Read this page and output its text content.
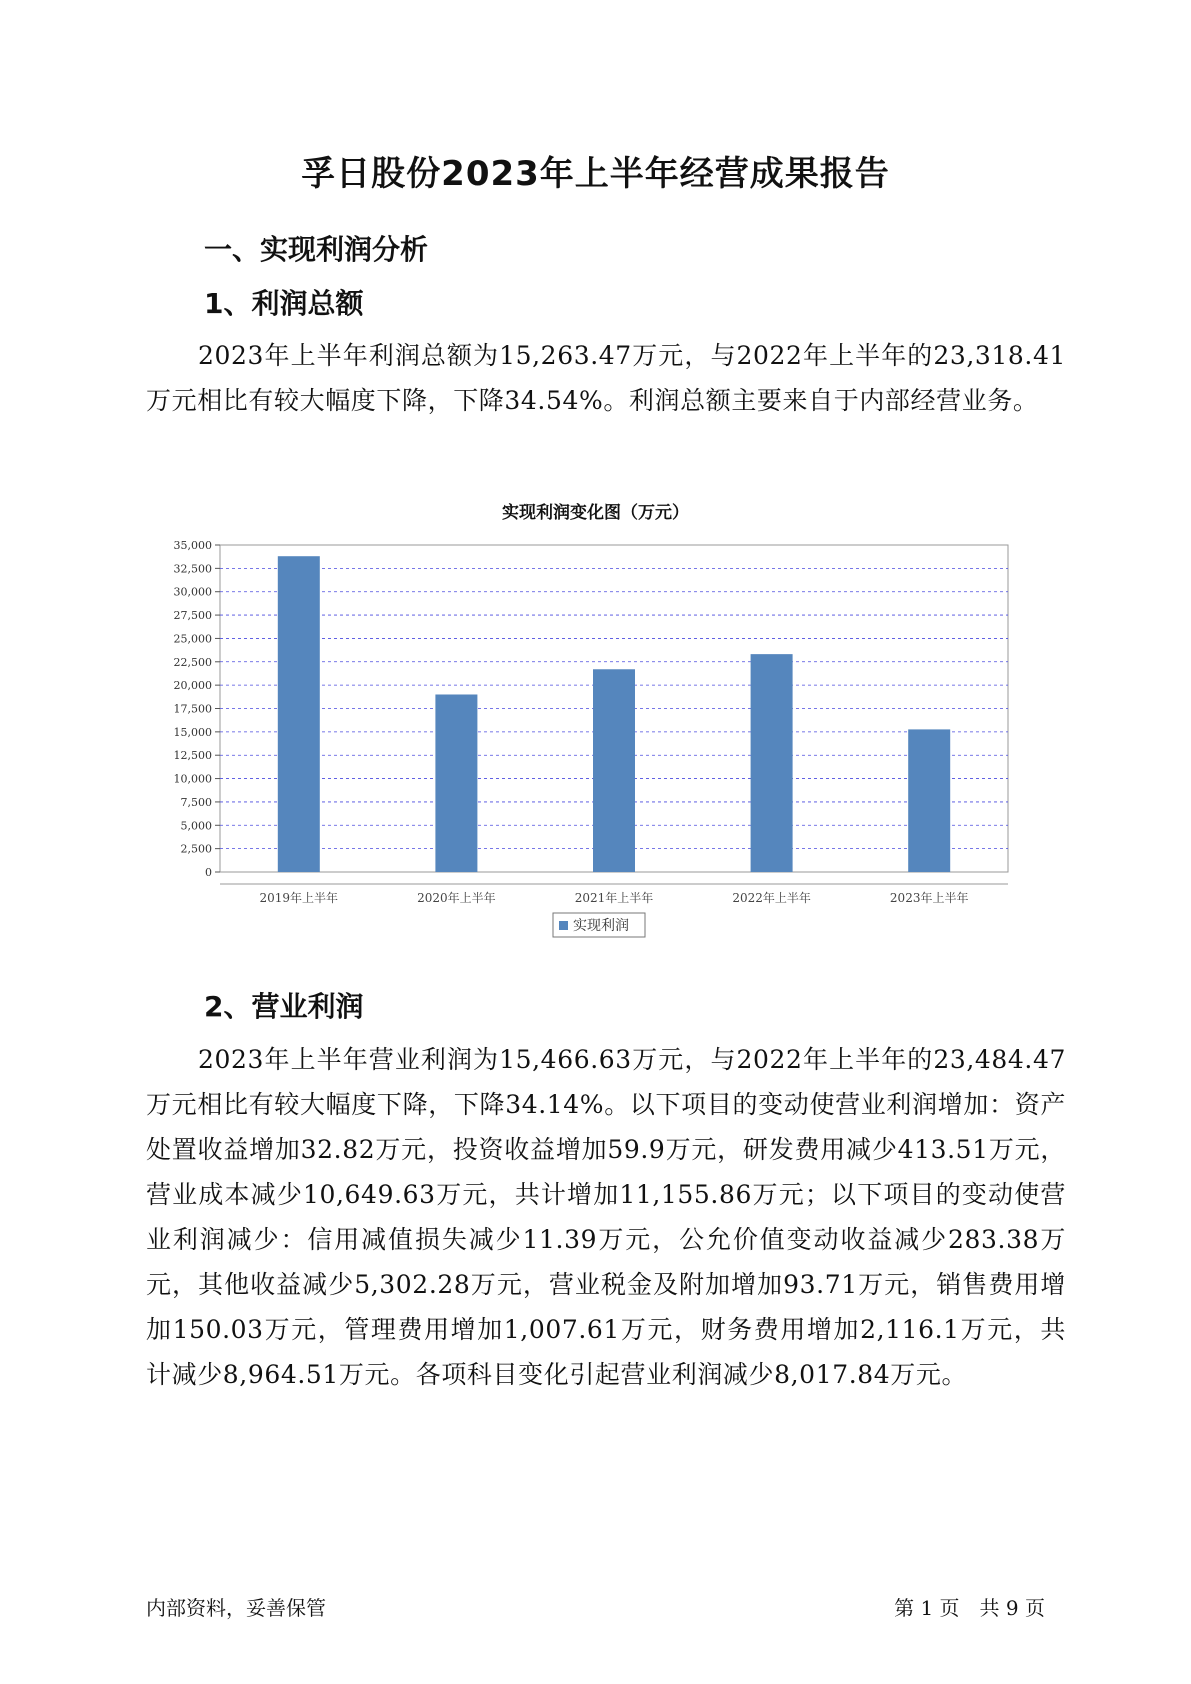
孚日股份2023年上半年经营成果报告
一、实现利润分析
1、利润总额
2023年上半年利润总额为15,263.47万元，与2022年上半年的23,318.41万元相比有较大幅度下降，下降34.54%。利润总额主要来自于内部经营业务。
实现利润变化图（万元）
0
2,500
5,000
7,500
10,000
12,500
15,000
17,500
20,000
22,500
25,000
27,500
30,000
32,500
35,000
2019年上半年	2020年上半年	2021年上半年	2022年上半年	2023年上半年
实现利润
2、营业利润
2023年上半年营业利润为15,466.63万元，与2022年上半年的23,484.47万元相比有较大幅度下降，下降34.14%。以下项目的变动使营业利润增加：资产处置收益增加32.82万元，投资收益增加59.9万元，研发费用减少413.51万元，营业成本减少10,649.63万元，共计增加11,155.86万元；以下项目的变动使营业利润减少：信用减值损失减少11.39万元，公允价值变动收益减少283.38万元，其他收益减少5,302.28万元，营业税金及附加增加93.71万元，销售费用增加150.03万元，管理费用增加1,007.61万元，财务费用增加2,116.1万元，共计减少8,964.51万元。各项科目变化引起营业利润减少8,017.84万元。
内部资料，妥善保管	第 1 页　共 9 页
